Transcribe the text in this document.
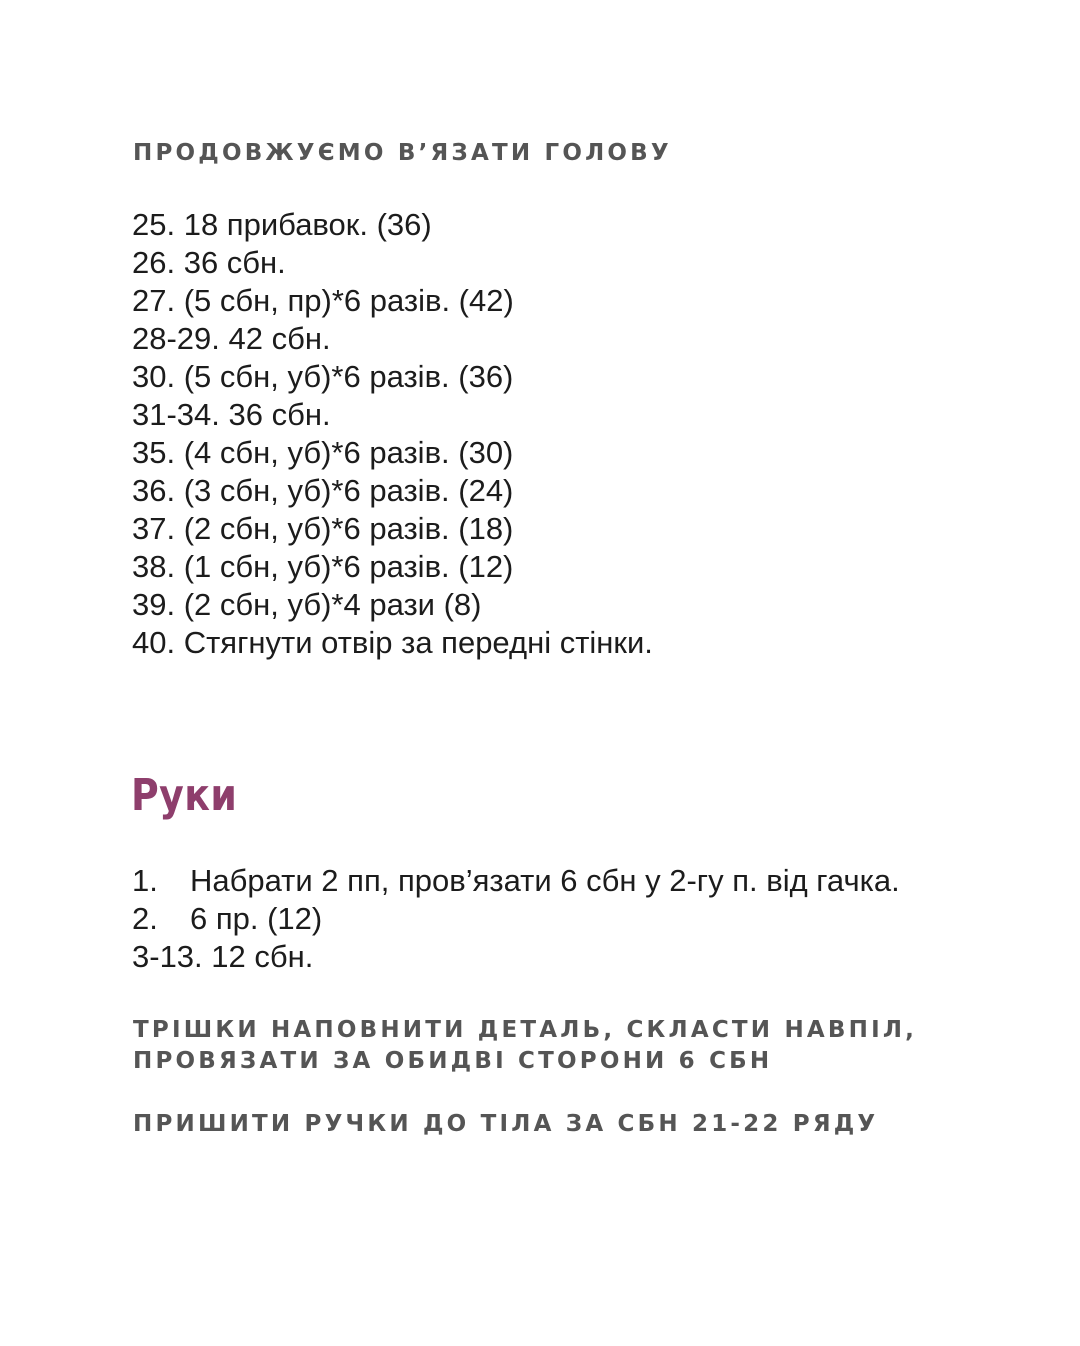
ПРОДОВЖУЄМО В’ЯЗАТИ ГОЛОВУ
25. 18 прибавок. (36)
26. 36 сбн.
27. (5 сбн, пр)*6 разів. (42)
28-29. 42 сбн.
30. (5 сбн, уб)*6 разів. (36)
31-34. 36 сбн.
35. (4 сбн, уб)*6 разів. (30)
36. (3 сбн, уб)*6 разів. (24)
37. (2 сбн, уб)*6 разів. (18)
38. (1 сбн, уб)*6 разів. (12)
39. (2 сбн, уб)*4 рази (8)
40. Стягнути отвір за передні стінки.
Руки
1. Набрати 2 пп, пров’язати 6 сбн у 2-гу п. від гачка.
2. 6 пр. (12)
3-13. 12 сбн.
ТРІШКИ НАПОВНИТИ ДЕТАЛЬ, СКЛАСТИ НАВПІЛ,
ПРОВЯЗАТИ ЗА ОБИДВІ СТОРОНИ 6 СБН
ПРИШИТИ РУЧКИ ДО ТІЛА ЗА СБН 21-22 РЯДУ
